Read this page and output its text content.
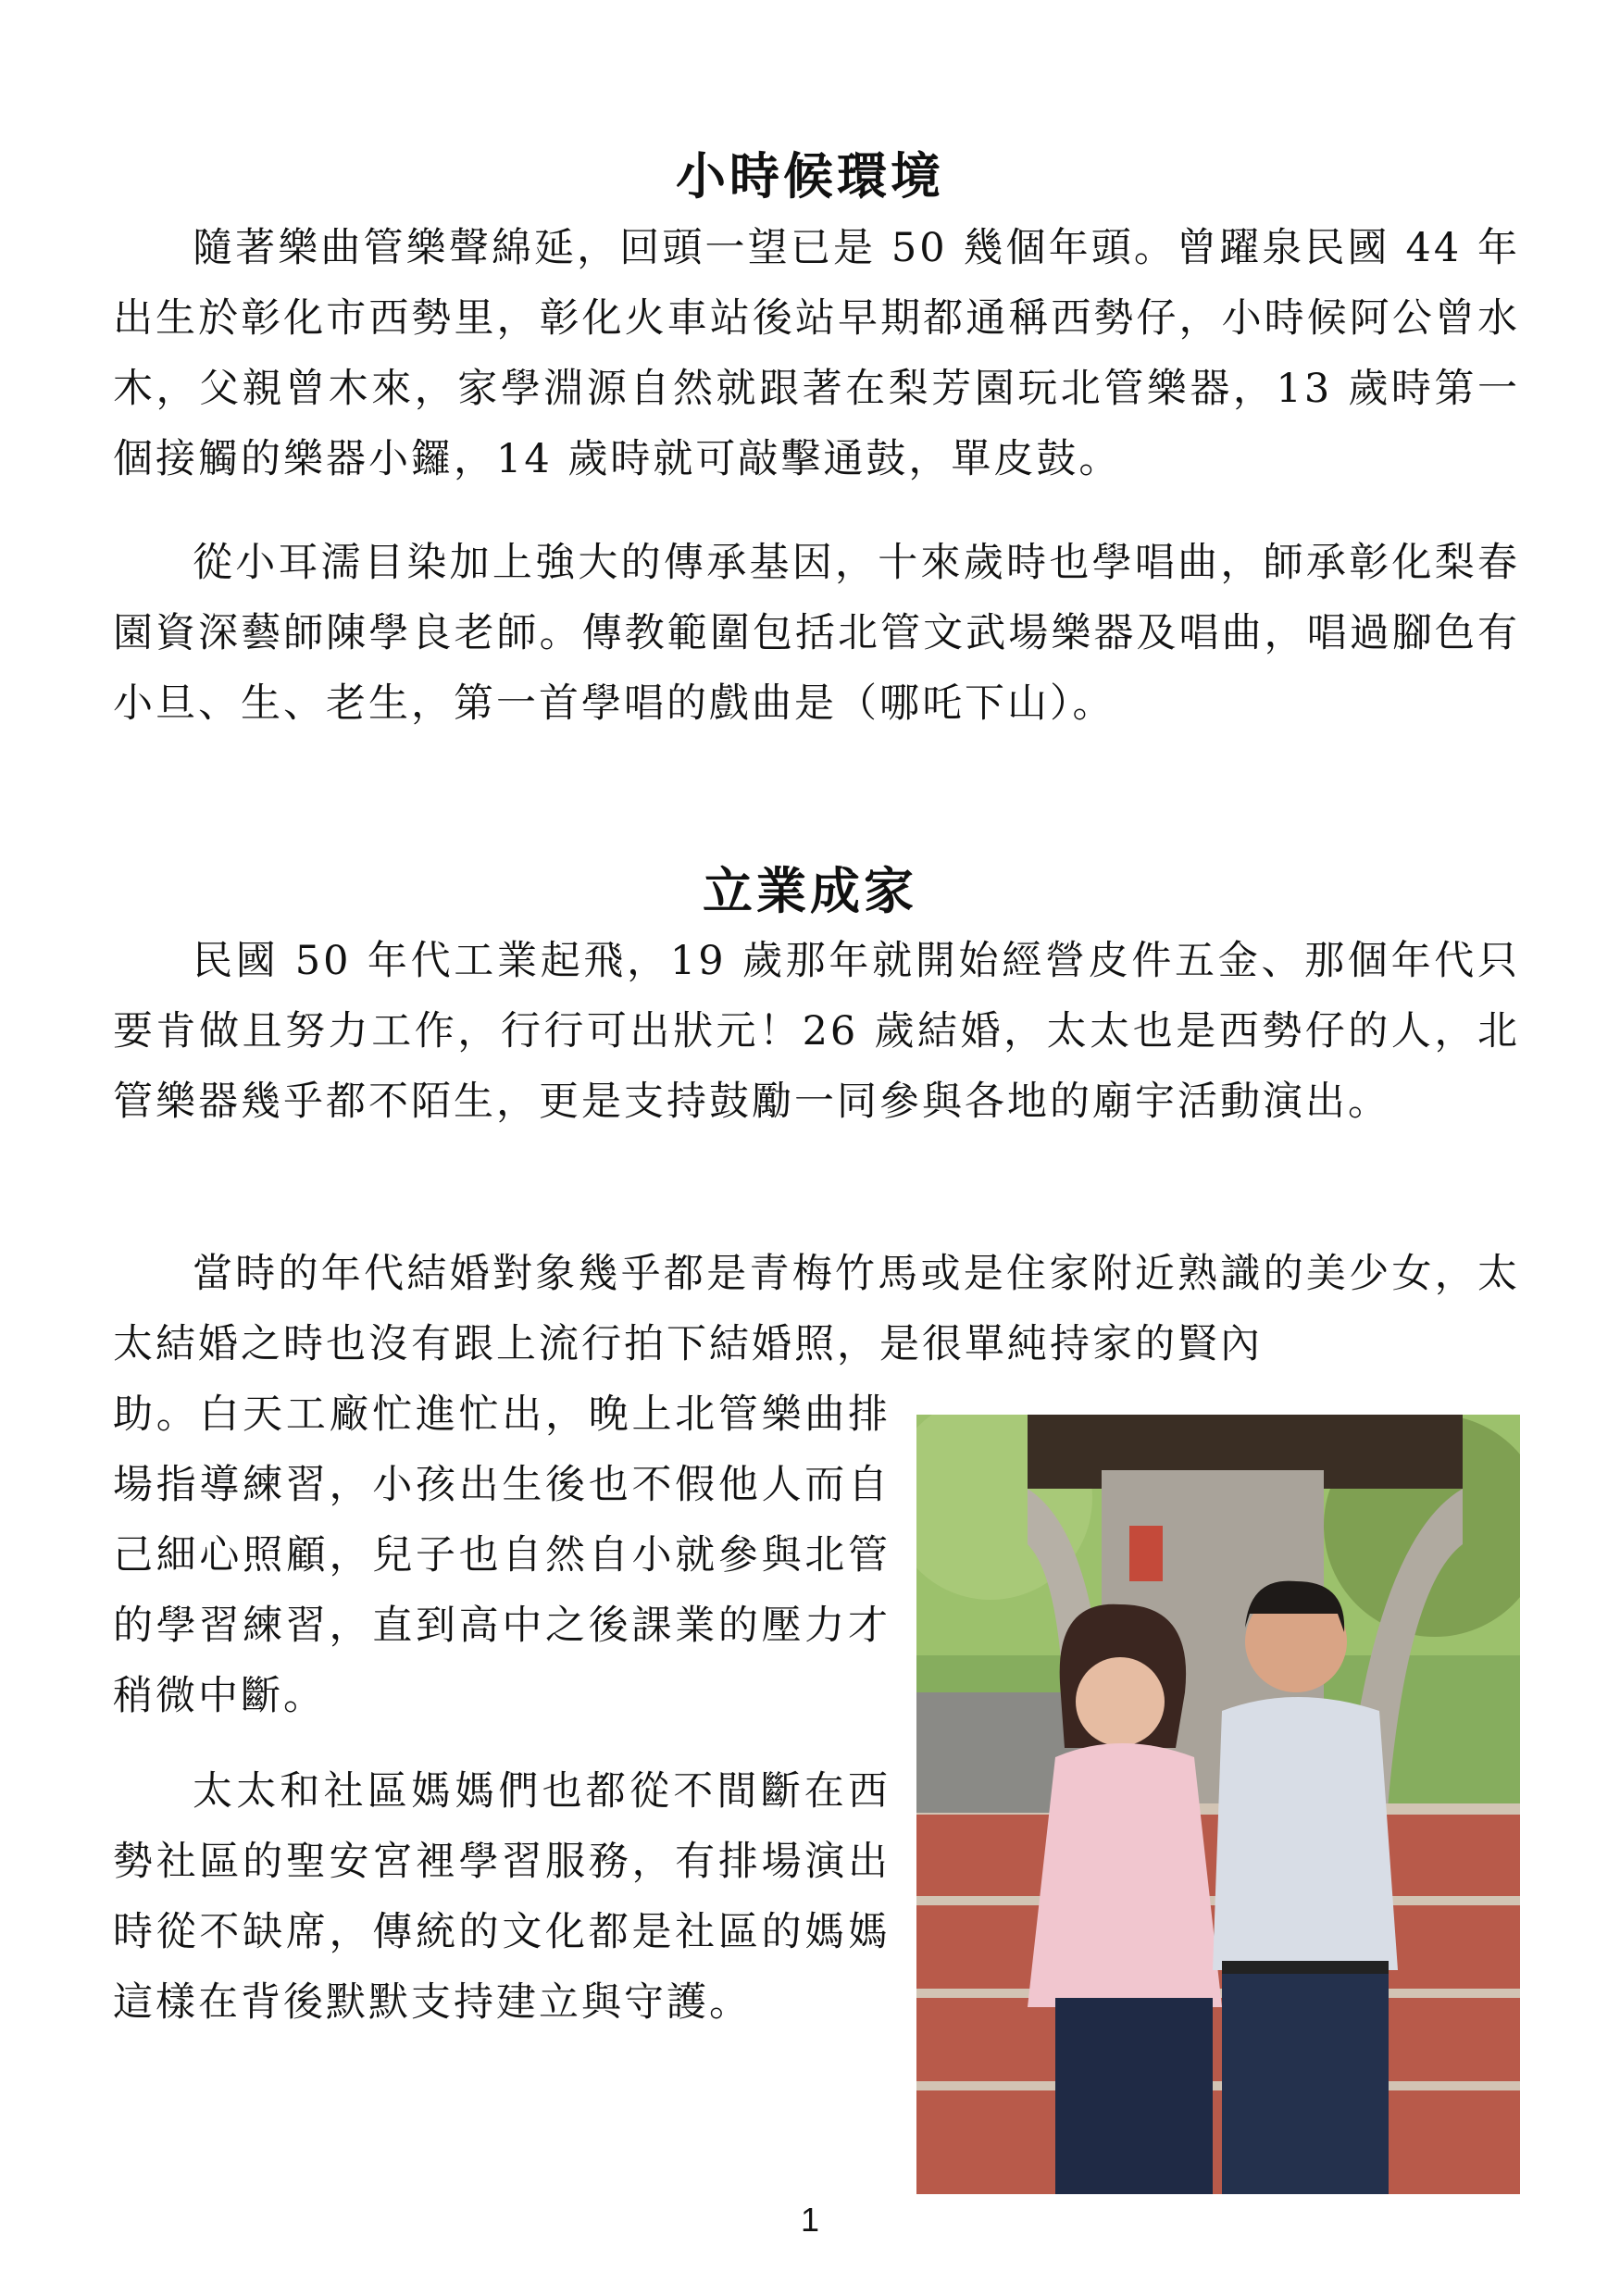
小時候環境

隨著樂曲管樂聲綿延，回頭一望已是 50 幾個年頭。曾躍泉民國 44 年出生於彰化市西勢里，彰化火車站後站早期都通稱西勢仔，小時候阿公曾水木，父親曾木來，家學淵源自然就跟著在梨芳園玩北管樂器，13 歲時第一個接觸的樂器小鑼，14 歲時就可敲擊通鼓，單皮鼓。

從小耳濡目染加上強大的傳承基因，十來歲時也學唱曲，師承彰化梨春園資深藝師陳學良老師。傳教範圍包括北管文武場樂器及唱曲，唱過腳色有小旦、生、老生，第一首學唱的戲曲是（哪吒下山）。

立業成家

民國 50 年代工業起飛，19 歲那年就開始經營皮件五金、那個年代只要肯做且努力工作，行行可出狀元！26 歲結婚，太太也是西勢仔的人，北管樂器幾乎都不陌生，更是支持鼓勵一同參與各地的廟宇活動演出。

當時的年代結婚對象幾乎都是青梅竹馬或是住家附近熟識的美少女，太太結婚之時也沒有跟上流行拍下結婚照，是很單純持家的賢內

助。白天工廠忙進忙出，晚上北管樂曲排場指導練習，小孩出生後也不假他人而自己細心照顧，兒子也自然自小就參與北管的學習練習，直到高中之後課業的壓力才稍微中斷。

太太和社區媽媽們也都從不間斷在西勢社區的聖安宮裡學習服務，有排場演出時從不缺席，傳統的文化都是社區的媽媽這樣在背後默默支持建立與守護。

1
